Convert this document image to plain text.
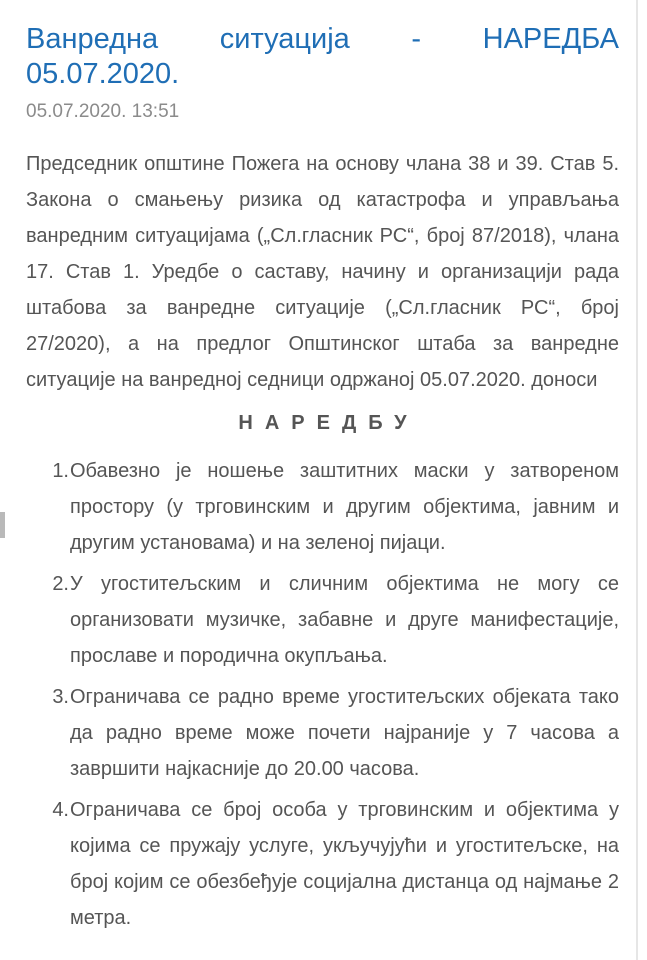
Ванредна ситуација - НАРЕДБА 05.07.2020.
05.07.2020. 13:51

Председник општине Пожега на основу члана 38 и 39. Став 5. Закона о смањењу ризика од катастрофа и управљања ванредним ситуацијама („Сл.гласник РС“, број 87/2018), члана 17. Став 1. Уредбе о саставу, начину и организацији рада штабова за ванредне ситуације („Сл.гласник РС“, број 27/2020), а на предлог Општинског штаба за ванредне ситуације на ванредној седници одржаној 05.07.2020. доноси

НАРЕДБУ
1. Обавезно је ношење заштитних маски у затвореном простору (у трговинским и другим објектима, јавним и другим установама) и на зеленој пијаци.
2. У угоститељским и сличним објектима не могу се организовати музичке, забавне и друге манифестације, прославе и породична окупљања.
3. Ограничава се радно време угоститељских објеката тако да радно време може почети најраније у 7 часова а завршити најкасније до 20.00 часова.
4. Ограничава се број особа у трговинским и објектима у којима се пружају услуге, укључујући и угоститељске, на број којим се обезбеђује социјална дистанца од најмање 2 метра.
